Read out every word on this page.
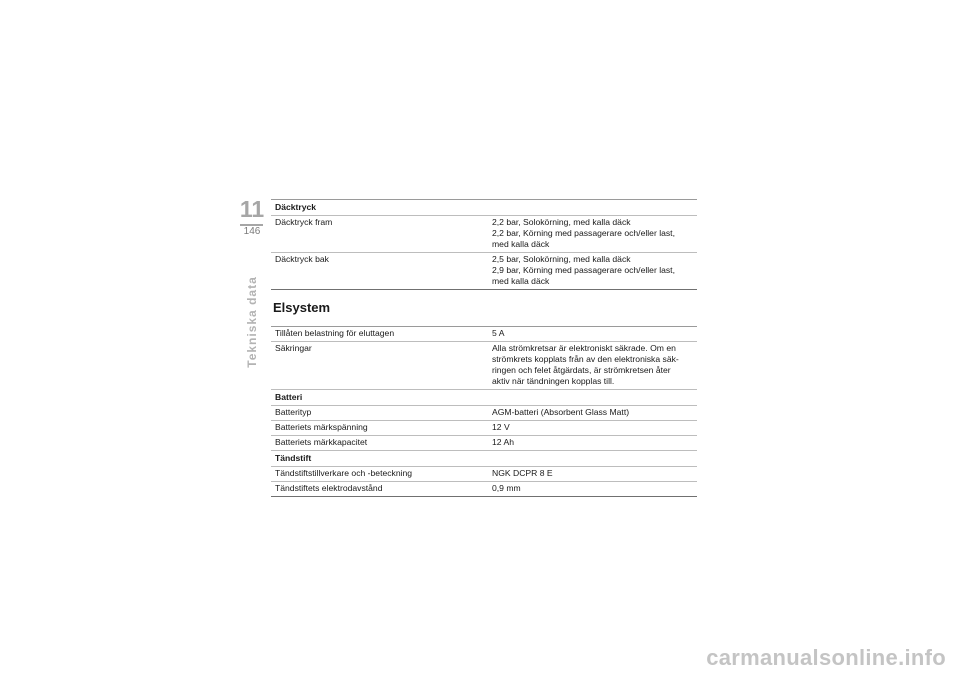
11
146
Tekniska data
Däcktryck	
Däcktryck fram	2,2 bar, Solokörning, med kalla däck
2,2 bar, Körning med passagerare och/eller last,
med kalla däck

Däcktryck bak	2,5 bar, Solokörning, med kalla däck
2,9 bar, Körning med passagerare och/eller last,
med kalla däck
Elsystem
Tillåten belastning för eluttagen	5 A

Säkringar	Alla strömkretsar är elektroniskt säkrade. Om en
strömkrets kopplats från av den elektroniska säk-
ringen och felet åtgärdats, är strömkretsen åter
aktiv när tändningen kopplas till.

Batteri	
Batterityp	AGM-batteri (Absorbent Glass Matt)
Batteriets märkspänning	12 V
Batteriets märkkapacitet	12 Ah
Tändstift	
Tändstiftstillverkare och -beteckning	NGK DCPR 8 E
Tändstiftets elektrodavstånd	0,9 mm
carmanualsonline.info
